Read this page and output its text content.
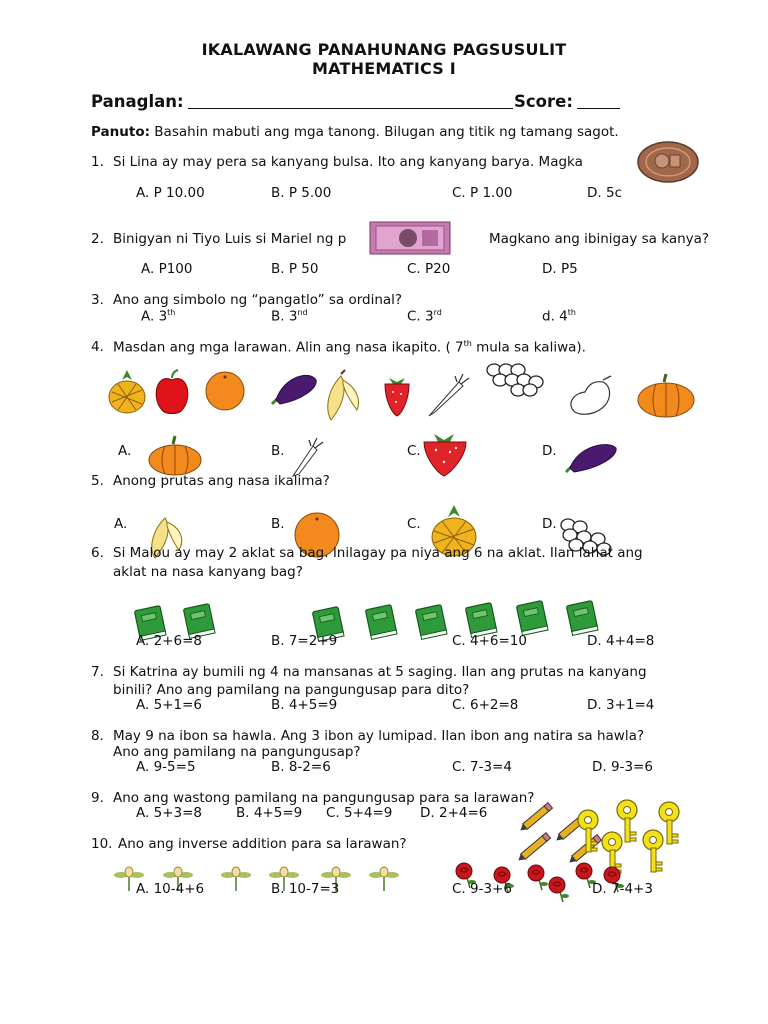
IKALAWANG PANAHUNANG PAGSUSULIT
MATHEMATICS I
Panaglan:	Score:
Panuto: Basahin mabuti ang mga tanong. Bilugan ang titik ng tamang sagot.
1. Si Lina ay may pera sa kanyang bulsa. Ito ang kanyang barya. Magka
A. P 10.00	B. P 5.00	C. P 1.00	D. 5c
2. Binigyan ni Tiyo Luis si Mariel ng p	Magkano ang ibinigay sa kanya?
A. P100	B. P 50	C. P20	D. P5
3. Ano ang simbolo ng “pangatlo” sa ordinal?
A. 3th	B. 3nd	C. 3rd	d. 4th
4. Masdan ang mga larawan. Alin ang nasa ikapito. ( 7th mula sa kaliwa).
A.	B.	C.	D.
5. Anong prutas ang nasa ikalima?
A.	B.	C.	D.
6. Si Malou ay may 2 aklat sa bag. Inilagay pa niya ang 6 na aklat. Ilan lahat ang
aklat na nasa kanyang bag?
A. 2+6=8	B. 7=2+9	C. 4+6=10	D. 4+4=8
7. Si Katrina ay bumili ng 4 na mansanas at 5 saging. Ilan ang prutas na kanyang
binili? Ano ang pamilang na pangungusap para dito?
A. 5+1=6	B. 4+5=9	C. 6+2=8	D. 3+1=4
8. May 9 na ibon sa hawla. Ang 3 ibon ay lumipad. Ilan ibon ang natira sa hawla?
Ano ang pamilang na pangungusap?
A. 9-5=5	B. 8-2=6	C. 7-3=4	D. 9-3=6
9. Ano ang wastong pamilang na pangungusap para sa larawan?
A. 5+3=8	B. 4+5=9 C. 5+4=9 D. 2+4=6
10. Ano ang inverse addition para sa larawan?
A. 10-4+6	B. 10-7=3	C. 9-3+6	D. 7-4+3
